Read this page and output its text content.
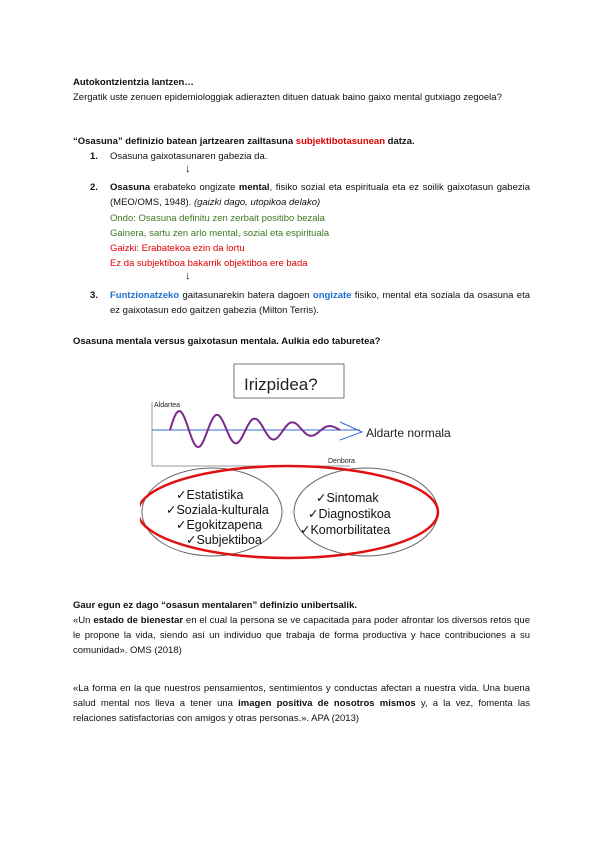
Autokontzientzia lantzen…

Zergatik uste zenuen epidemiologgiak adierazten dituen datuak baino gaixo mental gutxiago zegoela?

“Osasuna” definizio batean jartzearen zailtasuna subjektibotasunean datza.

1. Osasuna gaixotasunaren gabezia da.
↓
2. Osasuna erabateko ongizate mental, fisiko sozial eta espirituala eta ez soilik gaixotasun gabezia (MEO/OMS, 1948). (gaizki dago, utopikoa delako)
Ondo: Osasuna definitu zen zerbait positibo bezala
Gainera, sartu zen arlo mental, sozial eta espirituala
Gaizki: Erabatekoa ezin da lortu
Ez da subjektiboa bakarrik objektiboa ere bada
↓
3. Funtzionatzeko gaitasunarekin batera dagoen ongizate fisiko, mental eta soziala da osasuna eta ez gaixotasun edo gaitzen gabezia (Milton Terris).

Osasuna mentala versus gaixotasun mentala. Aulkia edo taburetea?

Irizpidea?
Aldartea
Denbora
Aldarte normala
✓Estatistika
✓Soziala-kulturala
✓Egokitzapena
✓Subjektiboa
✓Sintomak
✓Diagnostikoa
✓Komorbilitatea

Gaur egun ez dago “osasun mentalaren” definizio unibertsalik.

«Un estado de bienestar en el cual la persona se ve capacitada para poder afrontar los diversos retos que le propone la vida, siendo así un individuo que trabaja de forma productiva y hace contribuciones a su comunidad». OMS (2018)

«La forma en la que nuestros pensamientos, sentimientos y conductas afectan a nuestra vida. Una buena salud mental nos lleva a tener una imagen positiva de nosotros mismos y, a la vez, fomenta las relaciones satisfactorias con amigos y otras personas.». APA (2013)
